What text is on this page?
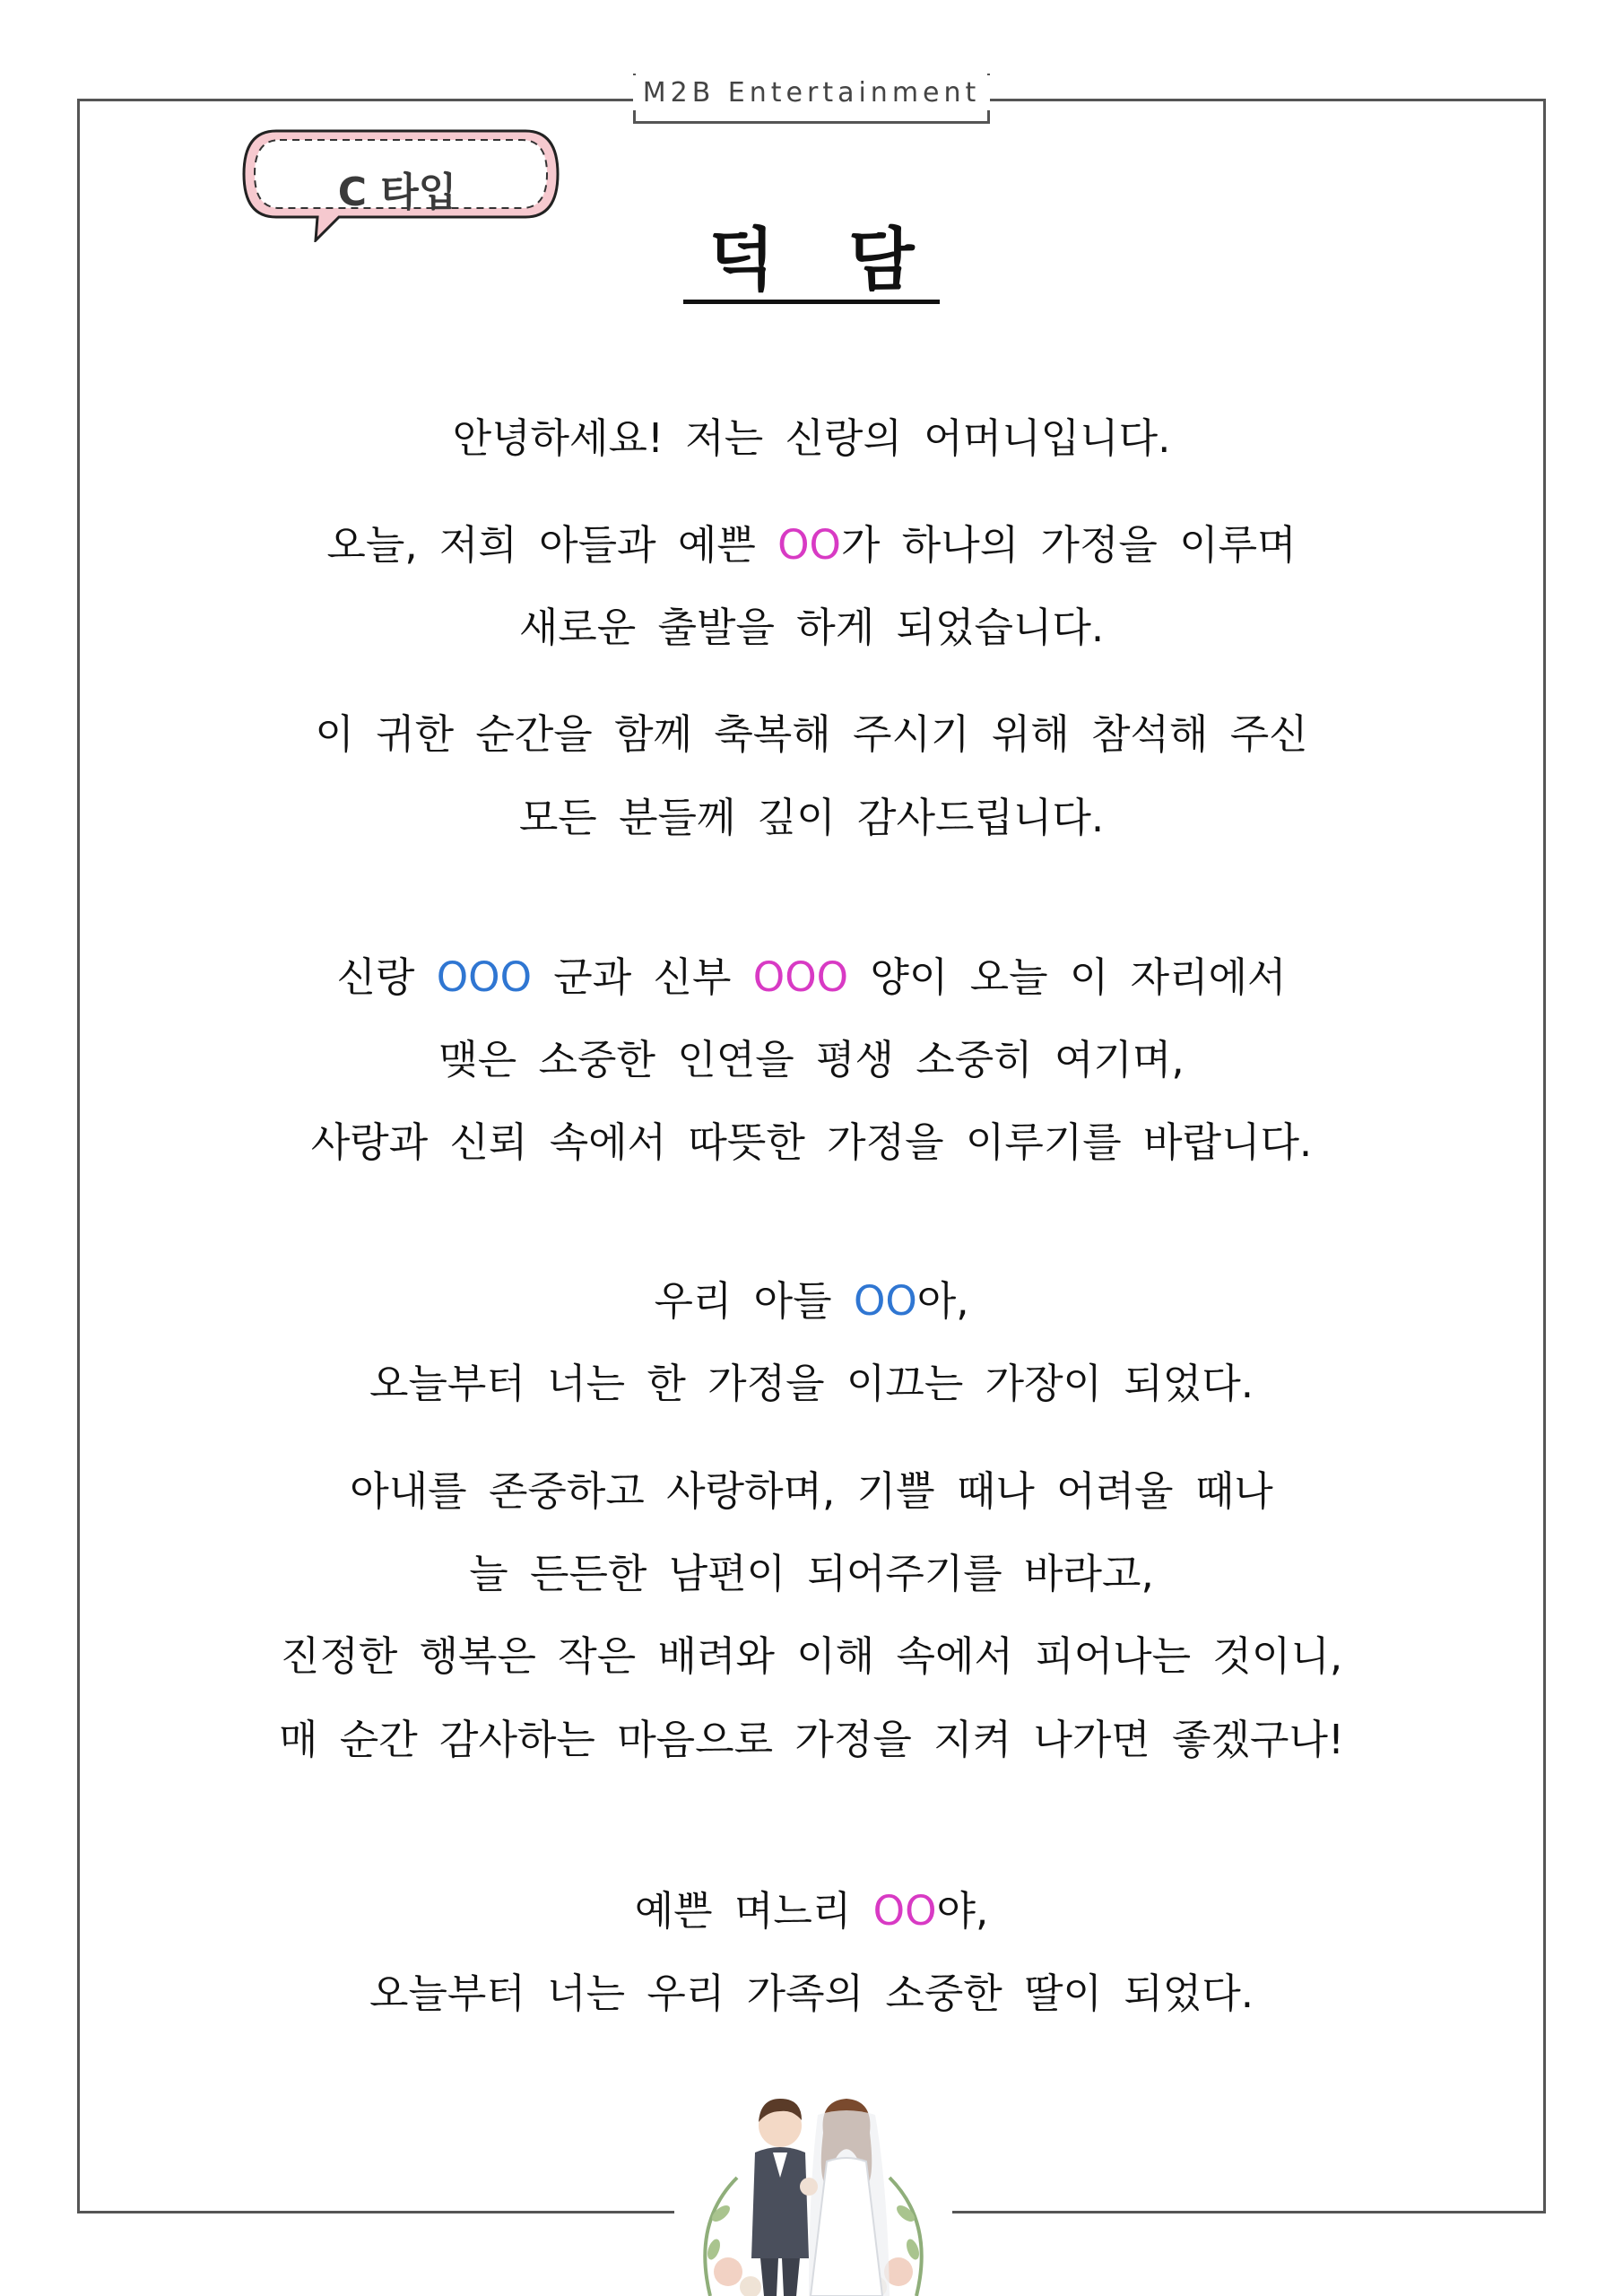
M2B Entertainment
C 타입
덕 담
안녕하세요! 저는 신랑의 어머니입니다.
오늘, 저희 아들과 예쁜 OO가 하나의 가정을 이루며
새로운 출발을 하게 되었습니다.
이 귀한 순간을 함께 축복해 주시기 위해 참석해 주신
모든 분들께 깊이 감사드립니다.
신랑 OOO 군과 신부 OOO 양이 오늘 이 자리에서
맺은 소중한 인연을 평생 소중히 여기며,
사랑과 신뢰 속에서 따뜻한 가정을 이루기를 바랍니다.
우리 아들 OO아,
오늘부터 너는 한 가정을 이끄는 가장이 되었다.
아내를 존중하고 사랑하며, 기쁠 때나 어려울 때나
늘 든든한 남편이 되어주기를 바라고,
진정한 행복은 작은 배려와 이해 속에서 피어나는 것이니,
매 순간 감사하는 마음으로 가정을 지켜 나가면 좋겠구나!
예쁜 며느리 OO야,
오늘부터 너는 우리 가족의 소중한 딸이 되었다.
